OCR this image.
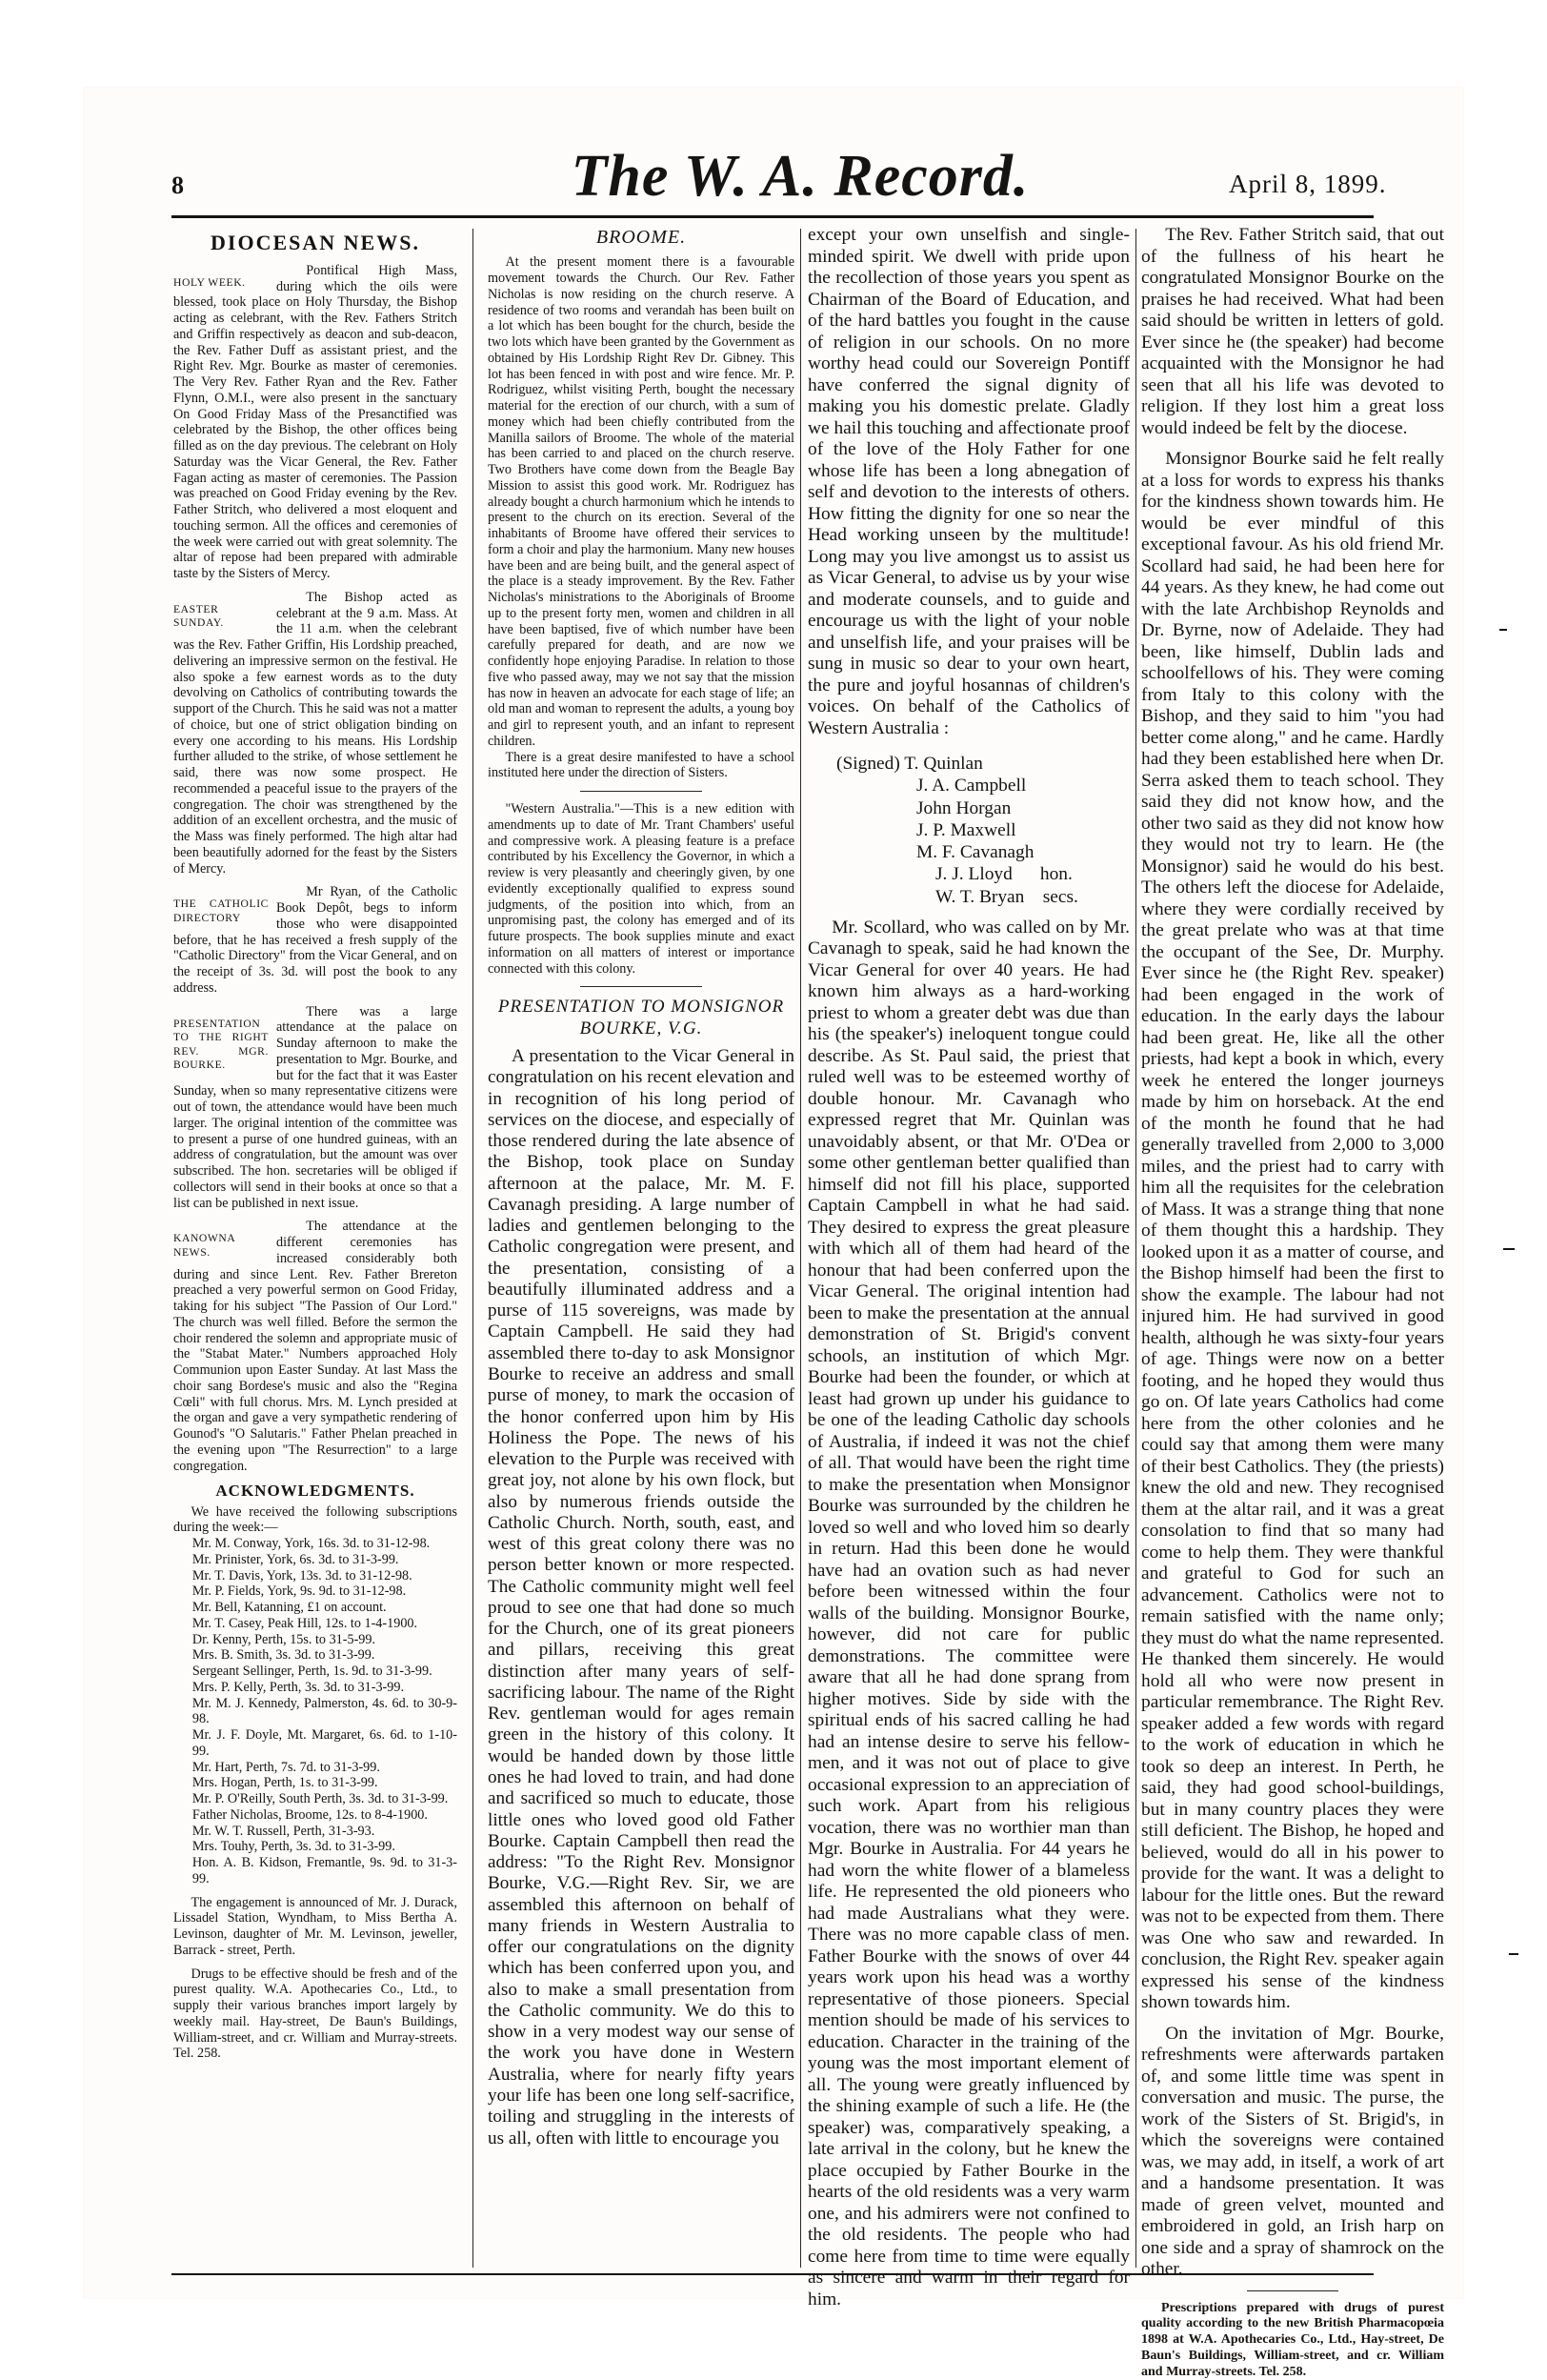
8	The W. A. Record.	April 8, 1899.
DIOCESAN NEWS.
HOLY WEEK.

Pontifical High Mass, during which the oils were blessed, took place on Holy Thursday, the Bishop acting as celebrant, with the Rev. Fathers Stritch and Griffin respectively as deacon and sub-deacon, the Rev. Father Duff as assistant priest, and the Right Rev. Mgr. Bourke as master of ceremonies. The Very Rev. Father Ryan and the Rev. Father Flynn, O.M.I., were also present in the sanctuary On Good Friday Mass of the Presanctified was celebrated by the Bishop, the other offices being filled as on the day previous. The celebrant on Holy Saturday was the Vicar General, the Rev. Father Fagan acting as master of ceremonies. The Passion was preached on Good Friday evening by the Rev. Father Stritch, who delivered a most eloquent and touching sermon. All the offices and ceremonies of the week were carried out with great solemnity. The altar of repose had been prepared with admirable taste by the Sisters of Mercy.

EASTER SUNDAY.

The Bishop acted as celebrant at the 9 a.m. Mass. At the 11 a.m. when the celebrant was the Rev. Father Griffin, His Lordship preached, delivering an impressive sermon on the festival. He also spoke a few earnest words as to the duty devolving on Catholics of contributing towards the support of the Church. This he said was not a matter of choice, but one of strict obligation binding on every one according to his means. His Lordship further alluded to the strike, of whose settlement he said, there was now some prospect. He recommended a peaceful issue to the prayers of the congregation. The choir was strengthened by the addition of an excellent orchestra, and the music of the Mass was finely performed. The high altar had been beautifully adorned for the feast by the Sisters of Mercy.

THE CATHOLIC DIRECTORY

Mr Ryan, of the Catholic Book Depôt, begs to inform those who were disappointed before, that he has received a fresh supply of the "Catholic Directory" from the Vicar General, and on the receipt of 3s. 3d. will post the book to any address.

PRESENTATION TO THE RIGHT REV. MGR. BOURKE.

There was a large attendance at the palace on Sunday afternoon to make the presentation to Mgr. Bourke, and but for the fact that it was Easter Sunday, when so many representative citizens were out of town, the attendance would have been much larger. The original intention of the committee was to present a purse of one hundred guineas, with an address of congratulation, but the amount was over subscribed. The hon. secretaries will be obliged if collectors will send in their books at once so that a list can be published in next issue.

KANOWNA NEWS.

The attendance at the different ceremonies has increased considerably both during and since Lent. Rev. Father Brereton preached a very powerful sermon on Good Friday, taking for his subject "The Passion of Our Lord." The church was well filled. Before the sermon the choir rendered the solemn and appropriate music of the "Stabat Mater." Numbers approached Holy Communion upon Easter Sunday. At last Mass the choir sang Bordese's music and also the "Regina Cœli" with full chorus. Mrs. M. Lynch presided at the organ and gave a very sympathetic rendering of Gounod's "O Salutaris." Father Phelan preached in the evening upon "The Resurrection" to a large congregation.

ACKNOWLEDGMENTS.

We have received the following subscriptions during the week:—

Mr. M. Conway, York, 16s. 3d. to 31-12-98.
Mr. Prinister, York, 6s. 3d. to 31-3-99.
Mr. T. Davis, York, 13s. 3d. to 31-12-98.
Mr. P. Fields, York, 9s. 9d. to 31-12-98.
Mr. Bell, Katanning, £1 on account.
Mr. T. Casey, Peak Hill, 12s. to 1-4-1900.
Dr. Kenny, Perth, 15s. to 31-5-99.
Mrs. B. Smith, 3s. 3d. to 31-3-99.
Sergeant Sellinger, Perth, 1s. 9d. to 31-3-99.
Mrs. P. Kelly, Perth, 3s. 3d. to 31-3-99.
Mr. M. J. Kennedy, Palmerston, 4s. 6d. to 30-9-98.
Mr. J. F. Doyle, Mt. Margaret, 6s. 6d. to 1-10-99.
Mr. Hart, Perth, 7s. 7d. to 31-3-99.
Mrs. Hogan, Perth, 1s. to 31-3-99.
Mr. P. O'Reilly, South Perth, 3s. 3d. to 31-3-99.
Father Nicholas, Broome, 12s. to 8-4-1900.
Mr. W. T. Russell, Perth, 31-3-93.
Mrs. Touhy, Perth, 3s. 3d. to 31-3-99.
Hon. A. B. Kidson, Fremantle, 9s. 9d. to 31-3-99.

The engagement is announced of Mr. J. Durack, Lissadel Station, Wyndham, to Miss Bertha A. Levinson, daughter of Mr. M. Levinson, jeweller, Barrack - street, Perth.

Drugs to be effective should be fresh and of the purest quality. W.A. Apothecaries Co., Ltd., to supply their various branches import largely by weekly mail. Hay-street, De Baun's Buildings, William-street, and cr. William and Murray-streets. Tel. 258.

BROOME.

At the present moment there is a favourable movement towards the Church. Our Rev. Father Nicholas is now residing on the church reserve. A residence of two rooms and verandah has been built on a lot which has been bought for the church, beside the two lots which have been granted by the Government as obtained by His Lordship Right Rev Dr. Gibney. This lot has been fenced in with post and wire fence. Mr. P. Rodriguez, whilst visiting Perth, bought the necessary material for the erection of our church, with a sum of money which had been chiefly contributed from the Manilla sailors of Broome. The whole of the material has been carried to and placed on the church reserve. Two Brothers have come down from the Beagle Bay Mission to assist this good work. Mr. Rodriguez has already bought a church harmonium which he intends to present to the church on its erection. Several of the inhabitants of Broome have offered their services to form a choir and play the harmonium. Many new houses have been and are being built, and the general aspect of the place is a steady improvement. By the Rev. Father Nicholas's ministrations to the Aboriginals of Broome up to the present forty men, women and children in all have been baptised, five of which number have been carefully prepared for death, and are now we confidently hope enjoying Paradise. In relation to those five who passed away, may we not say that the mission has now in heaven an advocate for each stage of life; an old man and woman to represent the adults, a young boy and girl to represent youth, and an infant to represent children.

There is a great desire manifested to have a school instituted here under the direction of Sisters.

"Western Australia."—This is a new edition with amendments up to date of Mr. Trant Chambers' useful and compressive work. A pleasing feature is a preface contributed by his Excellency the Governor, in which a review is very pleasantly and cheeringly given, by one evidently exceptionally qualified to express sound judgments, of the position into which, from an unpromising past, the colony has emerged and of its future prospects. The book supplies minute and exact information on all matters of interest or importance connected with this colony.

PRESENTATION TO MONSIGNOR BOURKE, V.G.

A presentation to the Vicar General in congratulation on his recent elevation and in recognition of his long period of services on the diocese, and especially of those rendered during the late absence of the Bishop, took place on Sunday afternoon at the palace, Mr. M. F. Cavanagh presiding. A large number of ladies and gentlemen belonging to the Catholic congregation were present, and the presentation, consisting of a beautifully illuminated address and a purse of 115 sovereigns, was made by Captain Campbell. He said they had assembled there to-day to ask Monsignor Bourke to receive an address and small purse of money, to mark the occasion of the honor conferred upon him by His Holiness the Pope. The news of his elevation to the Purple was received with great joy, not alone by his own flock, but also by numerous friends outside the Catholic Church. North, south, east, and west of this great colony there was no person better known or more respected. The Catholic community might well feel proud to see one that had done so much for the Church, one of its great pioneers and pillars, receiving this great distinction after many years of self-sacrificing labour. The name of the Right Rev. gentleman would for ages remain green in the history of this colony. It would be handed down by those little ones he had loved to train, and had done and sacrificed so much to educate, those little ones who loved good old Father Bourke. Captain Campbell then read the address: "To the Right Rev. Monsignor Bourke, V.G.—Right Rev. Sir, we are assembled this afternoon on behalf of many friends in Western Australia to offer our congratulations on the dignity which has been conferred upon you, and also to make a small presentation from the Catholic community. We do this to show in a very modest way our sense of the work you have done in Western Australia, where for nearly fifty years your life has been one long self-sacrifice, toiling and struggling in the interests of us all, often with little to encourage you

except your own unselfish and single-minded spirit. We dwell with pride upon the recollection of those years you spent as Chairman of the Board of Education, and of the hard battles you fought in the cause of religion in our schools. On no more worthy head could our Sovereign Pontiff have conferred the signal dignity of making you his domestic prelate. Gladly we hail this touching and affectionate proof of the love of the Holy Father for one whose life has been a long abnegation of self and devotion to the interests of others. How fitting the dignity for one so near the Head working unseen by the multitude! Long may you live amongst us to assist us as Vicar General, to advise us by your wise and moderate counsels, and to guide and encourage us with the light of your noble and unselfish life, and your praises will be sung in music so dear to your own heart, the pure and joyful hosannas of children's voices. On behalf of the Catholics of Western Australia :

(Signed) T. Quinlan
J. A. Campbell
John Horgan
J. P. Maxwell
M. F. Cavanagh
J. J. Lloyd hon.
W. T. Bryan secs.

Mr. Scollard, who was called on by Mr. Cavanagh to speak, said he had known the Vicar General for over 40 years. He had known him always as a hard-working priest to whom a greater debt was due than his (the speaker's) ineloquent tongue could describe. As St. Paul said, the priest that ruled well was to be esteemed worthy of double honour. Mr. Cavanagh who expressed regret that Mr. Quinlan was unavoidably absent, or that Mr. O'Dea or some other gentleman better qualified than himself did not fill his place, supported Captain Campbell in what he had said. They desired to express the great pleasure with which all of them had heard of the honour that had been conferred upon the Vicar General. The original intention had been to make the presentation at the annual demonstration of St. Brigid's convent schools, an institution of which Mgr. Bourke had been the founder, or which at least had grown up under his guidance to be one of the leading Catholic day schools of Australia, if indeed it was not the chief of all. That would have been the right time to make the presentation when Monsignor Bourke was surrounded by the children he loved so well and who loved him so dearly in return. Had this been done he would have had an ovation such as had never before been witnessed within the four walls of the building. Monsignor Bourke, however, did not care for public demonstrations. The committee were aware that all he had done sprang from higher motives. Side by side with the spiritual ends of his sacred calling he had had an intense desire to serve his fellow-men, and it was not out of place to give occasional expression to an appreciation of such work. Apart from his religious vocation, there was no worthier man than Mgr. Bourke in Australia. For 44 years he had worn the white flower of a blameless life. He represented the old pioneers who had made Australians what they were. There was no more capable class of men. Father Bourke with the snows of over 44 years work upon his head was a worthy representative of those pioneers. Special mention should be made of his services to education. Character in the training of the young was the most important element of all. The young were greatly influenced by the shining example of such a life. He (the speaker) was, comparatively speaking, a late arrival in the colony, but he knew the place occupied by Father Bourke in the hearts of the old residents was a very warm one, and his admirers were not confined to the old residents. The people who had come here from time to time were equally as sincere and warm in their regard for him.

The Rev. Father Stritch said, that out of the fullness of his heart he congratulated Monsignor Bourke on the praises he had received. What had been said should be written in letters of gold. Ever since he (the speaker) had become acquainted with the Monsignor he had seen that all his life was devoted to religion. If they lost him a great loss would indeed be felt by the diocese.

Monsignor Bourke said he felt really at a loss for words to express his thanks for the kindness shown towards him. He would be ever mindful of this exceptional favour. As his old friend Mr. Scollard had said, he had been here for 44 years. As they knew, he had come out with the late Archbishop Reynolds and Dr. Byrne, now of Adelaide. They had been, like himself, Dublin lads and schoolfellows of his. They were coming from Italy to this colony with the Bishop, and they said to him "you had better come along," and he came. Hardly had they been established here when Dr. Serra asked them to teach school. They said they did not know how, and the other two said as they did not know how they would not try to learn. He (the Monsignor) said he would do his best. The others left the diocese for Adelaide, where they were cordially received by the great prelate who was at that time the occupant of the See, Dr. Murphy. Ever since he (the Right Rev. speaker) had been engaged in the work of education. In the early days the labour had been great. He, like all the other priests, had kept a book in which, every week he entered the longer journeys made by him on horseback. At the end of the month he found that he had generally travelled from 2,000 to 3,000 miles, and the priest had to carry with him all the requisites for the celebration of Mass. It was a strange thing that none of them thought this a hardship. They looked upon it as a matter of course, and the Bishop himself had been the first to show the example. The labour had not injured him. He had survived in good health, although he was sixty-four years of age. Things were now on a better footing, and he hoped they would thus go on. Of late years Catholics had come here from the other colonies and he could say that among them were many of their best Catholics. They (the priests) knew the old and new. They recognised them at the altar rail, and it was a great consolation to find that so many had come to help them. They were thankful and grateful to God for such an advancement. Catholics were not to remain satisfied with the name only; they must do what the name represented. He thanked them sincerely. He would hold all who were now present in particular remembrance. The Right Rev. speaker added a few words with regard to the work of education in which he took so deep an interest. In Perth, he said, they had good school-buildings, but in many country places they were still deficient. The Bishop, he hoped and believed, would do all in his power to provide for the want. It was a delight to labour for the little ones. But the reward was not to be expected from them. There was One who saw and rewarded. In conclusion, the Right Rev. speaker again expressed his sense of the kindness shown towards him.

On the invitation of Mgr. Bourke, refreshments were afterwards partaken of, and some little time was spent in conversation and music. The purse, the work of the Sisters of St. Brigid's, in which the sovereigns were contained was, we may add, in itself, a work of art and a handsome presentation. It was made of green velvet, mounted and embroidered in gold, an Irish harp on one side and a spray of shamrock on the other.

Prescriptions prepared with drugs of purest quality according to the new British Pharmacopœia 1898 at W.A. Apothecaries Co., Ltd., Hay-street, De Baun's Buildings, William-street, and cr. William and Murray-streets. Tel. 258.
